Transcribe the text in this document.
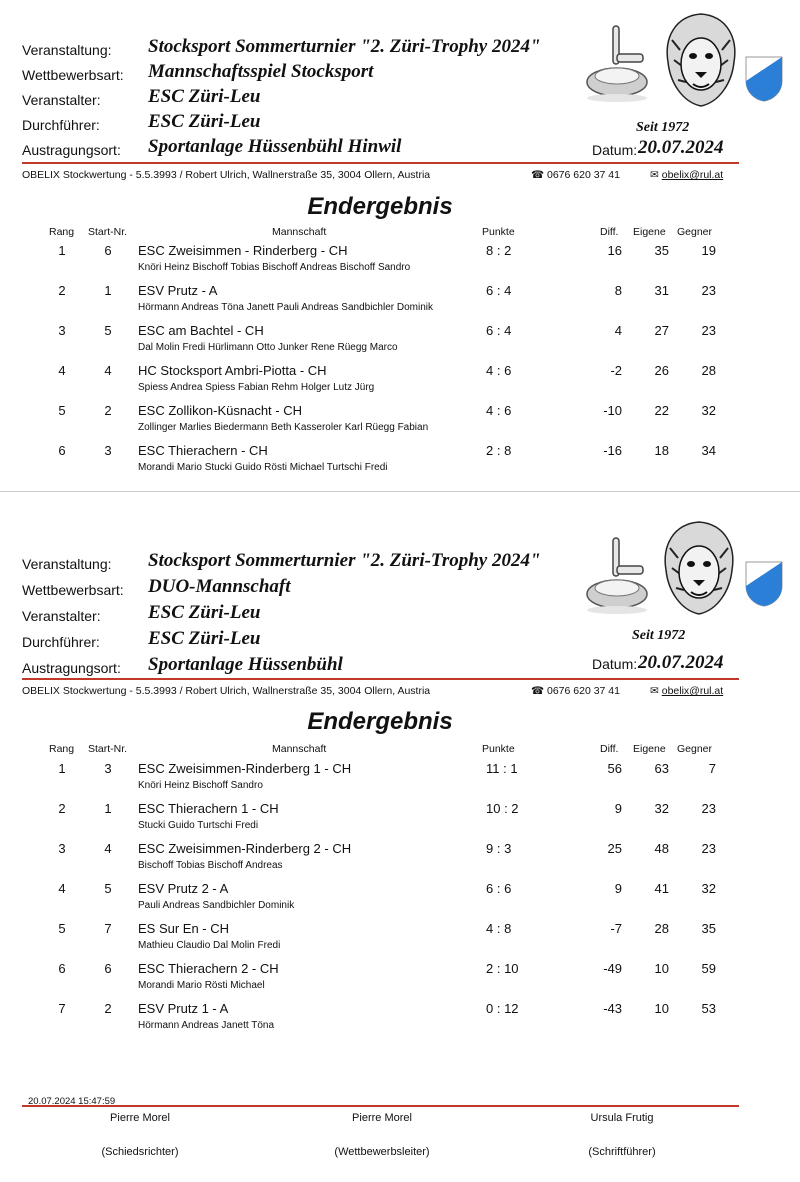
Veranstaltung: Stocksport Sommerturnier "2. Züri-Trophy 2024"
Wettbewerbsart: Mannschaftsspiel Stocksport
Veranstalter: ESC Züri-Leu
Durchführer:	ESC Züri-Leu
Austragungsort: Sportanlage Hüssenbühl Hinwil
Seit 1972
Datum: 20.07.2024
OBELIX Stockwertung - 5.5.3993 / Robert Ulrich, Wallnerstraße 35, 3004 Ollern, Austria	☎ 0676 620 37 41	✉ obelix@rul.at
Endergebnis
Rang Start-Nr.	Mannschaft	Punkte	Diff. Eigene Gegner
1	6	ESC Zweisimmen - Rinderberg - CH
Knöri Heinz Bischoff Tobias Bischoff Andreas Bischoff Sandro
8 : 2	16	35	19
2	1	ESV Prutz - A
Hörmann Andreas Töna Janett Pauli Andreas Sandbichler Dominik
6 : 4	8	31	23
3	5	ESC am Bachtel - CH
Dal Molin Fredi Hürlimann Otto Junker Rene Rüegg Marco
6 : 4	4	27	23
4	4	HC Stocksport Ambri-Piotta - CH
Spiess Andrea Spiess Fabian Rehm Holger Lutz Jürg
4 : 6	-2	26	28
5	2	ESC Zollikon-Küsnacht - CH
Zollinger Marlies Biedermann Beth Kasseroler Karl Rüegg Fabian
4 : 6	-10	22	32
6	3	ESC Thierachern - CH
Morandi Mario Stucki Guido Rösti Michael Turtschi Fredi
2 : 8	-16	18	34
Veranstaltung: Stocksport Sommerturnier "2. Züri-Trophy 2024"
Wettbewerbsart: DUO-Mannschaft
Veranstalter: ESC Züri-Leu
Durchführer:	ESC Züri-Leu
Austragungsort: Sportanlage Hüssenbühl
Seit 1972
Datum: 20.07.2024
OBELIX Stockwertung - 5.5.3993 / Robert Ulrich, Wallnerstraße 35, 3004 Ollern, Austria	☎ 0676 620 37 41	✉ obelix@rul.at
Endergebnis
Rang Start-Nr.	Mannschaft	Punkte	Diff. Eigene Gegner
1	3	ESC Zweisimmen-Rinderberg 1 - CH
Knöri Heinz Bischoff Sandro
11 : 1	56	63	7
2	1	ESC Thierachern 1 - CH
Stucki Guido Turtschi Fredi
10 : 2	9	32	23
3	4	ESC Zweisimmen-Rinderberg 2 - CH
Bischoff Tobias Bischoff Andreas
9 : 3	25	48	23
4	5	ESV Prutz 2 - A
Pauli Andreas Sandbichler Dominik
6 : 6	9	41	32
5	7	ES Sur En - CH
Mathieu Claudio Dal Molin Fredi
4 : 8	-7	28	35
6	6	ESC Thierachern 2 - CH
Morandi Mario Rösti Michael
2 : 10	-49	10	59
7	2	ESV Prutz 1 - A
Hörmann Andreas Janett Töna
0 : 12	-43	10	53
20.07.2024 15:47:59
Pierre Morel	Pierre Morel	Ursula Frutig
(Schiedsrichter)	(Wettbewerbsleiter)	(Schriftführer)
